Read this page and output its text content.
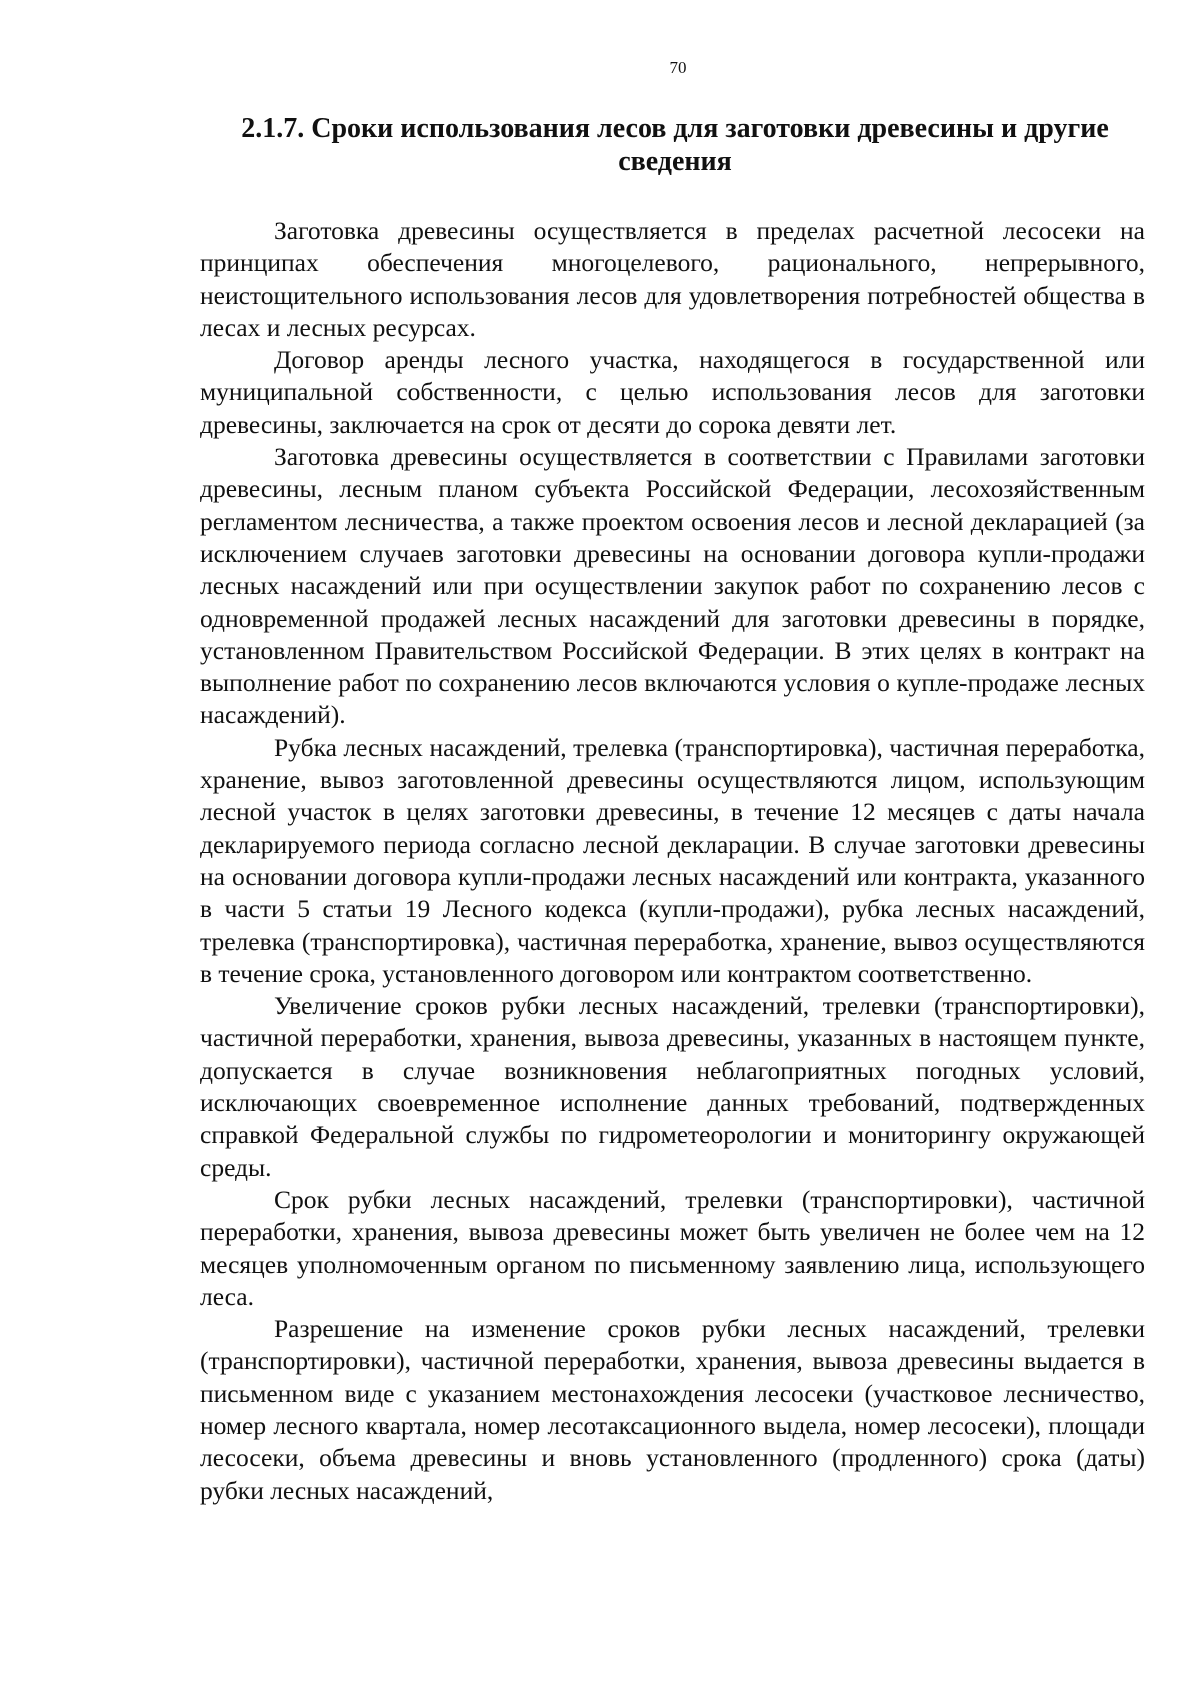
70
2.1.7. Сроки использования лесов для заготовки древесины и другие сведения

Заготовка древесины осуществляется в пределах расчетной лесосеки на принципах обеспечения многоцелевого, рационального, непрерывного, неистощительного использования лесов для удовлетворения потребностей общества в лесах и лесных ресурсах.

Договор аренды лесного участка, находящегося в государственной или муниципальной собственности, с целью использования лесов для заготовки древесины, заключается на срок от десяти до сорока девяти лет.

Заготовка древесины осуществляется в соответствии с Правилами заготовки древесины, лесным планом субъекта Российской Федерации, лесохозяйственным регламентом лесничества, а также проектом освоения лесов и лесной декларацией (за исключением случаев заготовки древесины на основании договора купли-продажи лесных насаждений или при осуществлении закупок работ по сохранению лесов с одновременной продажей лесных насаждений для заготовки древесины в порядке, установленном Правительством Российской Федерации. В этих целях в контракт на выполнение работ по сохранению лесов включаются условия о купле-продаже лесных насаждений).

Рубка лесных насаждений, трелевка (транспортировка), частичная переработка, хранение, вывоз заготовленной древесины осуществляются лицом, использующим лесной участок в целях заготовки древесины, в течение 12 месяцев с даты начала декларируемого периода согласно лесной декларации. В случае заготовки древесины на основании договора купли-продажи лесных насаждений или контракта, указанного в части 5 статьи 19 Лесного кодекса (купли-продажи), рубка лесных насаждений, трелевка (транспортировка), частичная переработка, хранение, вывоз осуществляются в течение срока, установленного договором или контрактом соответственно.

Увеличение сроков рубки лесных насаждений, трелевки (транспортировки), частичной переработки, хранения, вывоза древесины, указанных в настоящем пункте, допускается в случае возникновения неблагоприятных погодных условий, исключающих своевременное исполнение данных требований, подтвержденных справкой Федеральной службы по гидрометеорологии и мониторингу окружающей среды.

Срок рубки лесных насаждений, трелевки (транспортировки), частичной переработки, хранения, вывоза древесины может быть увеличен не более чем на 12 месяцев уполномоченным органом по письменному заявлению лица, использующего леса.

Разрешение на изменение сроков рубки лесных насаждений, трелевки (транспортировки), частичной переработки, хранения, вывоза древесины выдается в письменном виде с указанием местонахождения лесосеки (участковое лесничество, номер лесного квартала, номер лесотаксационного выдела, номер лесосеки), площади лесосеки, объема древесины и вновь установленного (продленного) срока (даты) рубки лесных насаждений,
